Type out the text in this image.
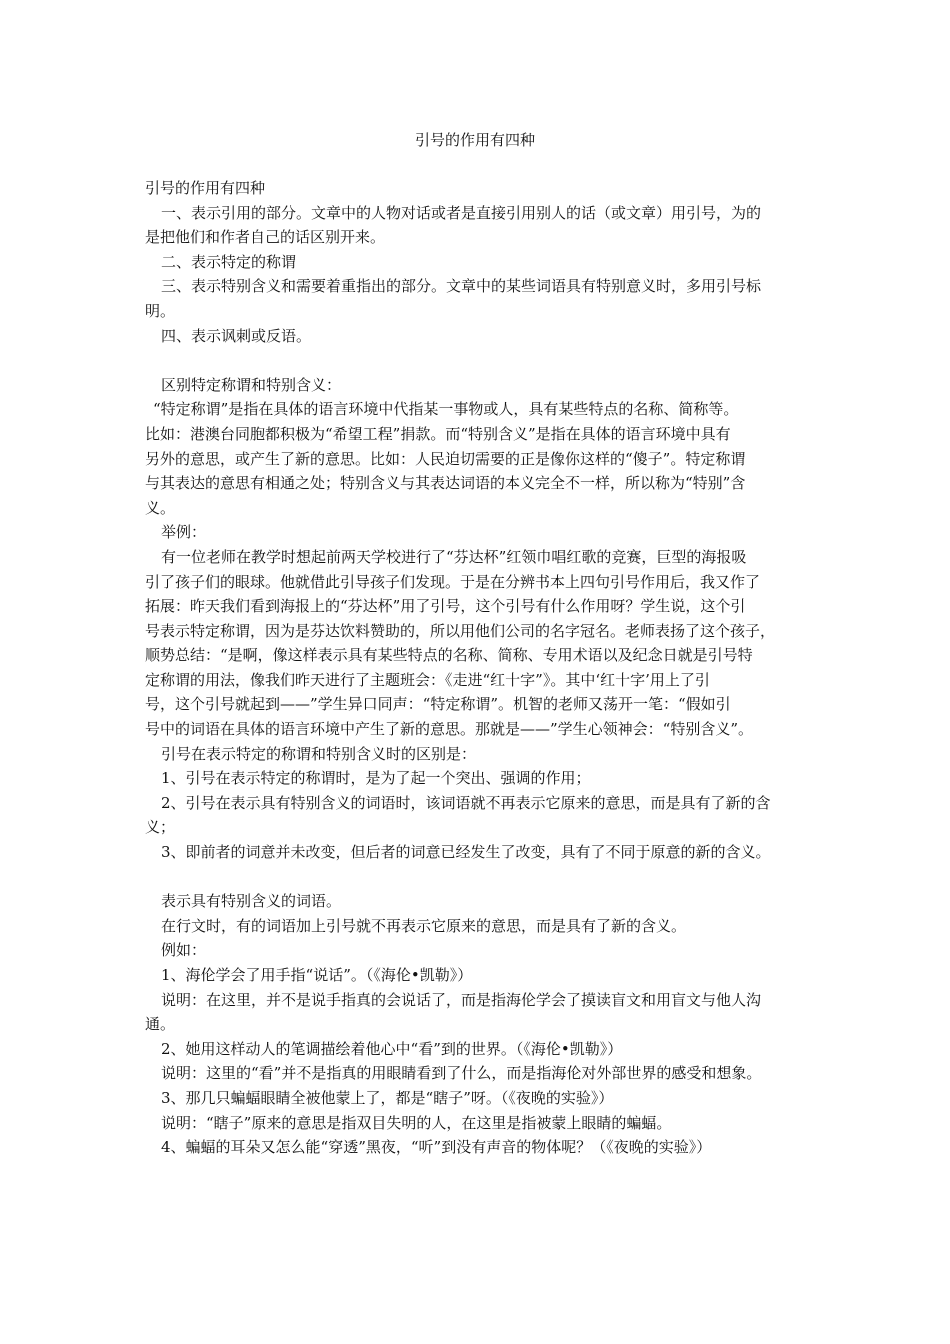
引号的作用有四种
引号的作用有四种
一、表示引用的部分。文章中的人物对话或者是直接引用别人的话（或文章）用引号，为的
是把他们和作者自己的话区别开来。
二、表示特定的称谓
三、表示特别含义和需要着重指出的部分。文章中的某些词语具有特别意义时，多用引号标
明。
四、表示讽刺或反语。
区别特定称谓和特别含义：
“特定称谓”是指在具体的语言环境中代指某一事物或人，具有某些特点的名称、简称等。
比如：港澳台同胞都积极为“希望工程”捐款。而“特别含义”是指在具体的语言环境中具有
另外的意思，或产生了新的意思。比如：人民迫切需要的正是像你这样的“傻子”。特定称谓
与其表达的意思有相通之处；特别含义与其表达词语的本义完全不一样，所以称为“特别”含
义。
举例：
有一位老师在教学时想起前两天学校进行了“芬达杯”红领巾唱红歌的竞赛，巨型的海报吸
引了孩子们的眼球。他就借此引导孩子们发现。于是在分辨书本上四句引号作用后，我又作了
拓展：昨天我们看到海报上的“芬达杯”用了引号，这个引号有什么作用呀？学生说，这个引
号表示特定称谓，因为是芬达饮料赞助的，所以用他们公司的名字冠名。老师表扬了这个孩子，
顺势总结：“是啊，像这样表示具有某些特点的名称、简称、专用术语以及纪念日就是引号特
定称谓的用法，像我们昨天进行了主题班会：《走进“红十字”》。其中‘红十字’用上了引
号，这个引号就起到——”学生异口同声：“特定称谓”。机智的老师又荡开一笔：“假如引
号中的词语在具体的语言环境中产生了新的意思。那就是——”学生心领神会：“特别含义”。
引号在表示特定的称谓和特别含义时的区别是：
1、引号在表示特定的称谓时，是为了起一个突出、强调的作用；
2、引号在表示具有特别含义的词语时，该词语就不再表示它原来的意思，而是具有了新的含
义；
3、即前者的词意并未改变，但后者的词意已经发生了改变，具有了不同于原意的新的含义。
表示具有特别含义的词语。
在行文时，有的词语加上引号就不再表示它原来的意思，而是具有了新的含义。
例如：
1、海伦学会了用手指“说话”。（《海伦•凯勒》）
说明：在这里，并不是说手指真的会说话了，而是指海伦学会了摸读盲文和用盲文与他人沟
通。
2、她用这样动人的笔调描绘着他心中“看”到的世界。（《海伦•凯勒》）
说明：这里的“看”并不是指真的用眼睛看到了什么，而是指海伦对外部世界的感受和想象。
3、那几只蝙蝠眼睛全被他蒙上了，都是“瞎子”呀。（《夜晚的实验》）
说明：“瞎子”原来的意思是指双目失明的人，在这里是指被蒙上眼睛的蝙蝠。
4、蝙蝠的耳朵又怎么能“穿透”黑夜，“听”到没有声音的物体呢？（《夜晚的实验》）
